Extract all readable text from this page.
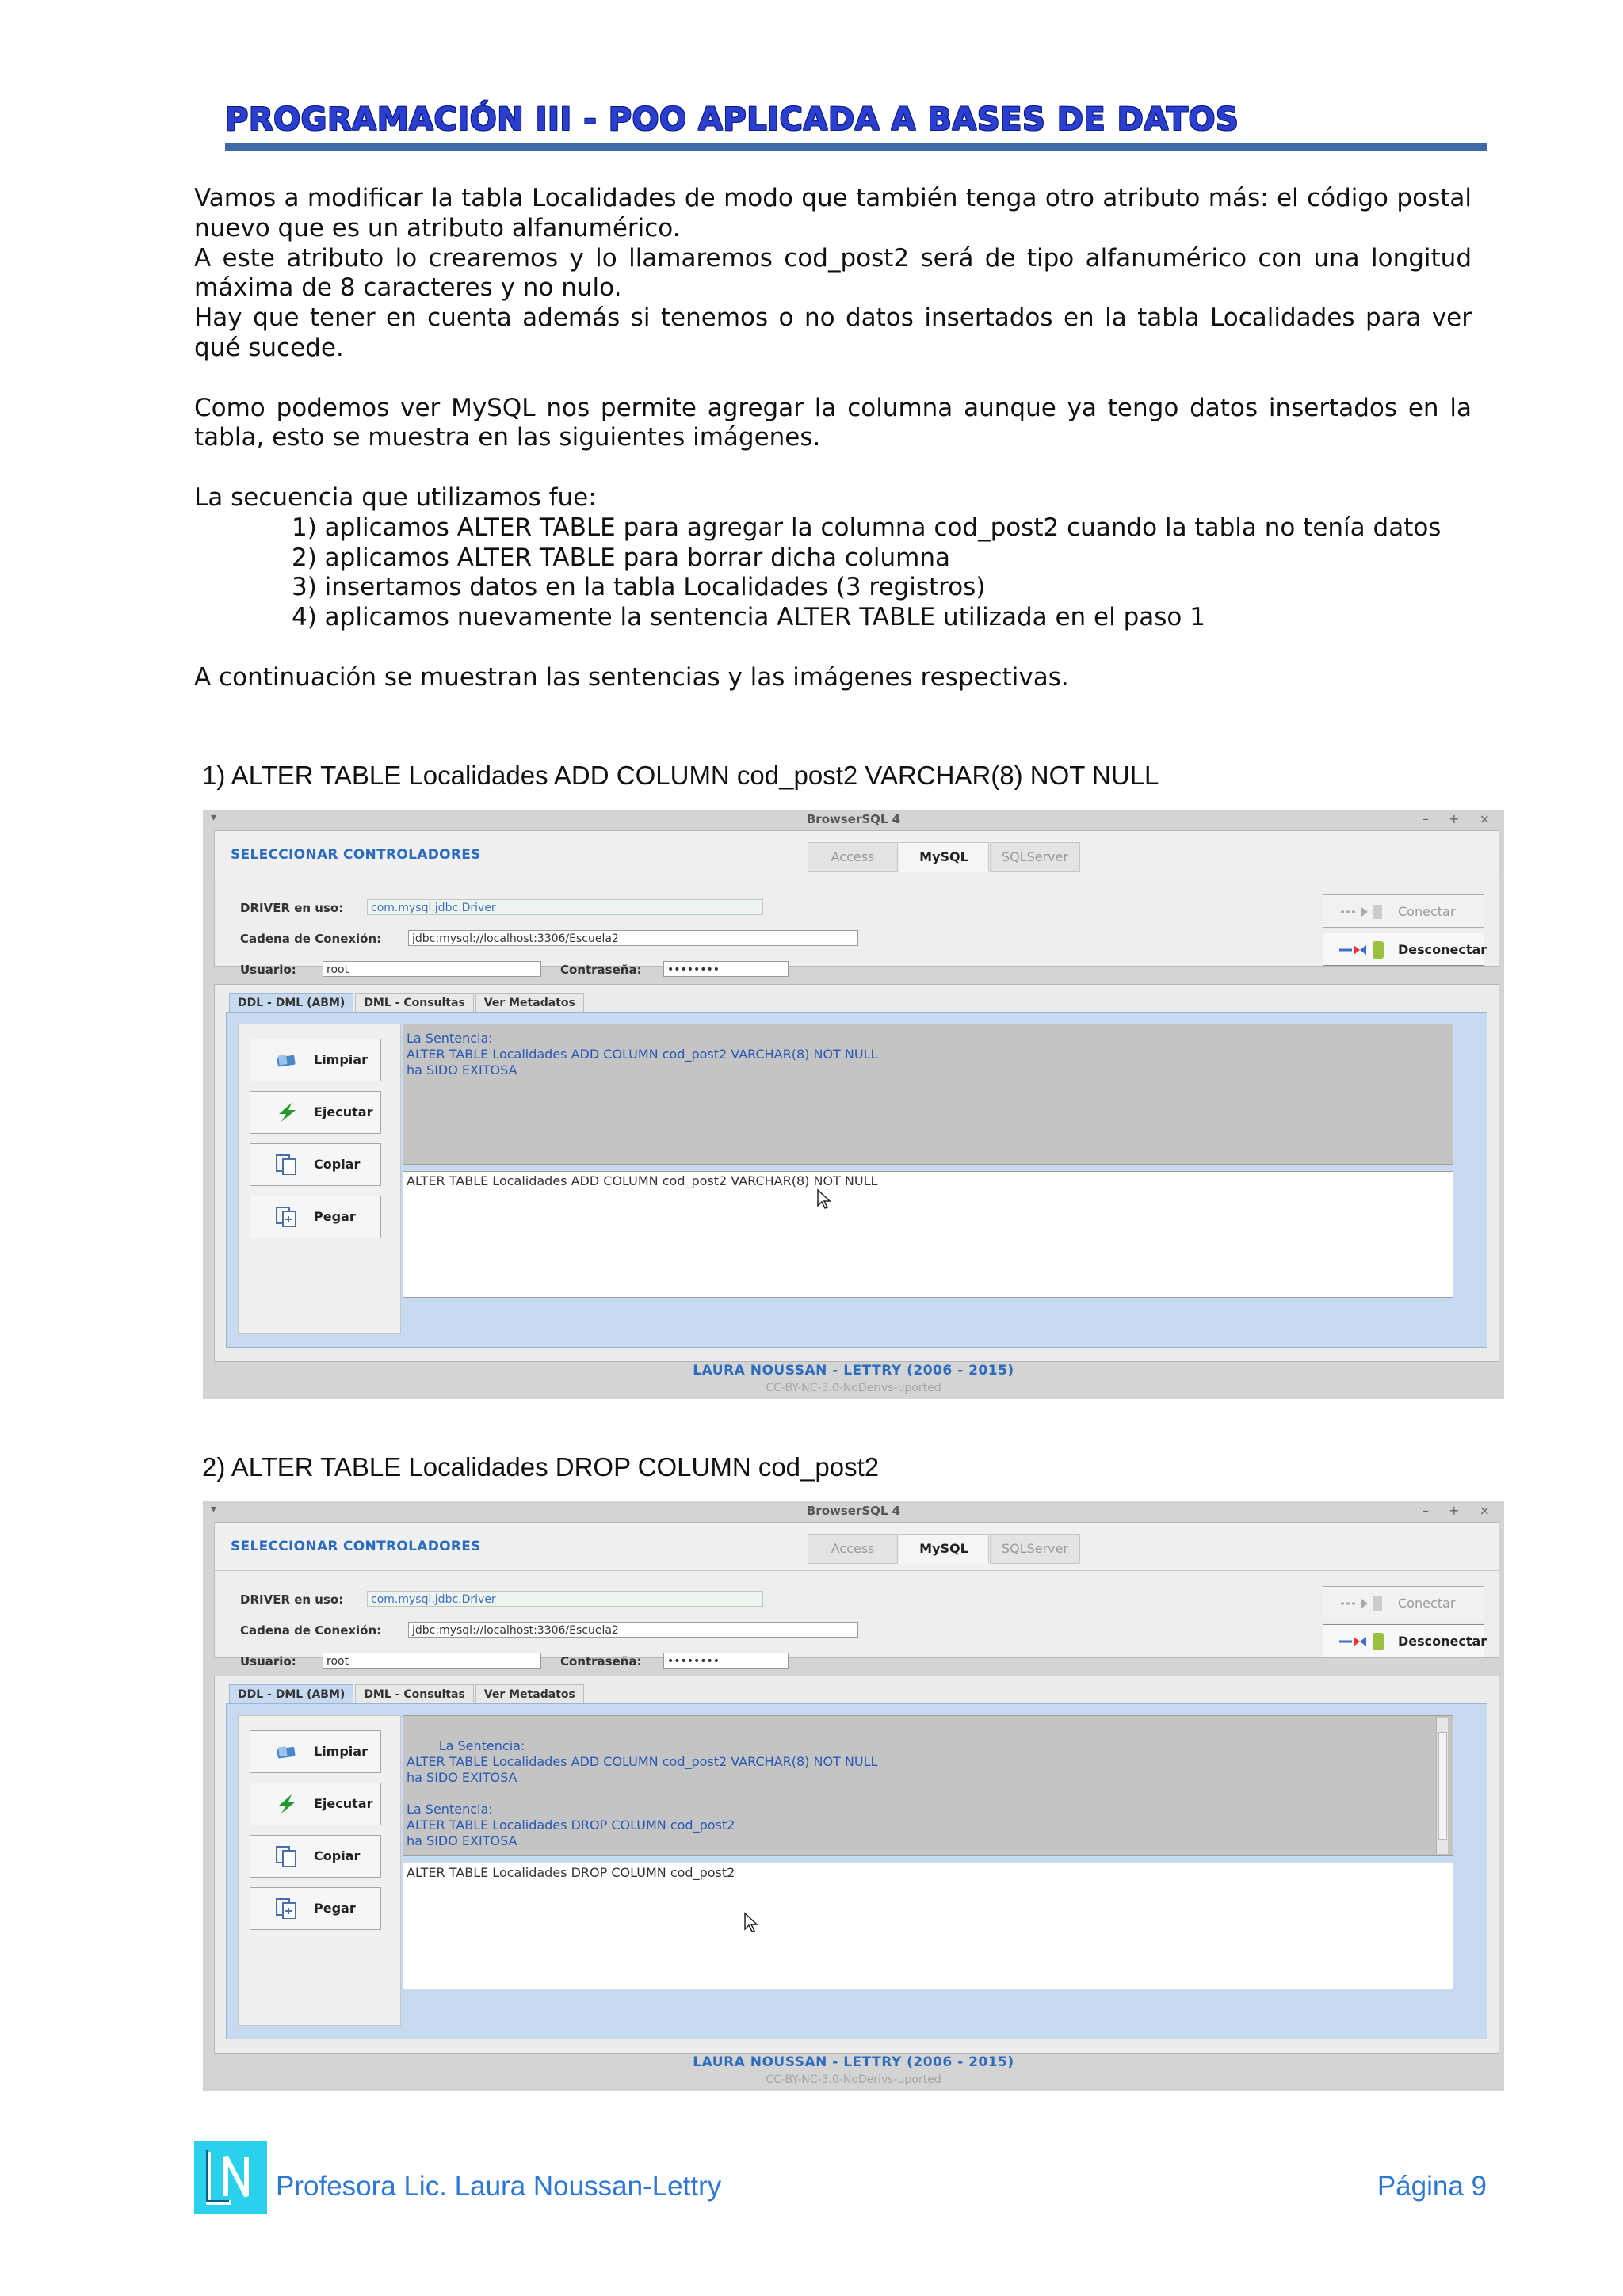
PROGRAMACIÓN III - POO APLICADA A BASES DE DATOS

Vamos a modificar la tabla Localidades de modo que también tenga otro atributo más: el código postal nuevo que es un atributo alfanumérico.

A este atributo lo crearemos y lo llamaremos cod_post2 será de tipo alfanumérico con una longitud máxima de 8 caracteres y no nulo.

Hay que tener en cuenta además si tenemos o no datos insertados en la tabla Localidades para ver qué sucede.

Como podemos ver MySQL nos permite agregar la columna aunque ya tengo datos insertados en la tabla, esto se muestra en las siguientes imágenes.

La secuencia que utilizamos fue:

1) aplicamos ALTER TABLE para agregar la columna cod_post2 cuando la tabla no tenía datos

2) aplicamos ALTER TABLE para borrar dicha columna

3) insertamos datos en la tabla Localidades (3 registros)

4) aplicamos nuevamente la sentencia ALTER TABLE utilizada en el paso 1

A continuación se muestran las sentencias y las imágenes respectivas.

1) ALTER TABLE Localidades ADD COLUMN cod_post2 VARCHAR(8) NOT NULL
▾	BrowserSQL 4	– + ×
SELECCIONAR CONTROLADORES	Access	MySQL	SQLServer
DRIVER en uso:	com.mysql.jdbc.Driver
Cadena de Conexión:	jdbc:mysql://localhost:3306/Escuela2
Usuario:	root	Contraseña:	••••••••
Conectar
Desconectar
DDL - DML (ABM)	DML - Consultas	Ver Metadatos
Limpiar
Ejecutar
Copiar
Pegar
La Sentencia:
ALTER TABLE Localidades ADD COLUMN cod_post2 VARCHAR(8) NOT NULL
ha SIDO EXITOSA
ALTER TABLE Localidades ADD COLUMN cod_post2 VARCHAR(8) NOT NULL
LAURA NOUSSAN - LETTRY (2006 - 2015)
CC-BY-NC-3.0-NoDerivs-uported
2) ALTER TABLE Localidades DROP COLUMN cod_post2
▾	BrowserSQL 4	– + ×
SELECCIONAR CONTROLADORES	Access	MySQL	SQLServer
DRIVER en uso:	com.mysql.jdbc.Driver
Cadena de Conexión:	jdbc:mysql://localhost:3306/Escuela2
Usuario:	root	Contraseña:	••••••••
Conectar
Desconectar
DDL - DML (ABM)	DML - Consultas	Ver Metadatos
Limpiar
Ejecutar
Copiar
Pegar

La Sentencia:
ALTER TABLE Localidades ADD COLUMN cod_post2 VARCHAR(8) NOT NULL
ha SIDO EXITOSA

La Sentencia:
ALTER TABLE Localidades DROP COLUMN cod_post2
ha SIDO EXITOSA

ALTER TABLE Localidades DROP COLUMN cod_post2
LAURA NOUSSAN - LETTRY (2006 - 2015)
CC-BY-NC-3.0-NoDerivs-uported
Profesora Lic. Laura Noussan-Lettry	Página 9
